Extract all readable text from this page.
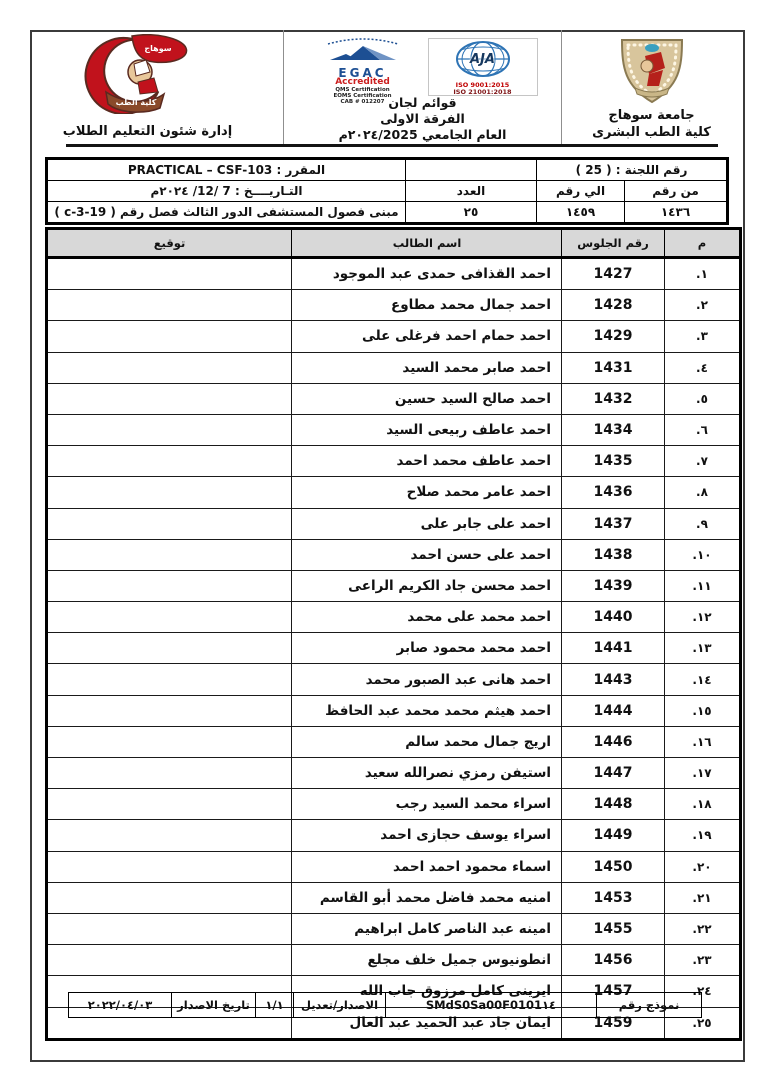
سوهاج
كلية الطب
إدارة شئون التعليم الطلاب
EGAC
Accredited
QMS Certification
EOMS Certification
CAB # 012207
AJA
ISO 9001:2015
ISO 21001:2018
قوائم لجان
الفرقة الاولى
العام الجامعي ٢٠٢٤/2025م
جامعة سوهاج
كلية الطب البشرى
رقم اللجنة : ( 25 )			المقرر : PRACTICAL – CSF-103
من رقم	الي رقم	العدد	التـاريــــخ : 7 /12/ ٢٠٢٤م
١٤٣٦	١٤٥٩	٢٥	مبنى فصول المستشفى الدور الثالث فصل رقم ( ‎c-3-19‎ )
م	رقم الجلوس	اسم الطالب	توقيع
١.	1427	احمد القذافى حمدى عبد الموجود	
٢.	1428	احمد جمال محمد مطاوع	
٣.	1429	احمد حمام احمد فرغلى على	
٤.	1431	احمد صابر محمد السيد	
٥.	1432	احمد صالح السيد حسين	
٦.	1434	احمد عاطف ربيعى السيد	
٧.	1435	احمد عاطف محمد احمد	
٨.	1436	احمد عامر محمد صلاح	
٩.	1437	احمد على جابر على	
١٠.	1438	احمد على حسن احمد	
١١.	1439	احمد محسن جاد الكريم الراعى	
١٢.	1440	احمد محمد على محمد	
١٣.	1441	احمد محمد محمود صابر	
١٤.	1443	احمد هانى عبد الصبور محمد	
١٥.	1444	احمد هيثم محمد محمد عبد الحافظ	
١٦.	1446	اريج جمال محمد سالم	
١٧.	1447	استيفن رمزي نصرالله سعيد	
١٨.	1448	اسراء محمد السيد رجب	
١٩.	1449	اسراء يوسف حجازى احمد	
٢٠.	1450	اسماء محمود احمد احمد	
٢١.	1453	امنيه محمد فاضل محمد أبو القاسم	
٢٢.	1455	امينه عبد الناصر كامل ابراهيم	
٢٣.	1456	انطونيوس جميل خلف مجلع	
٢٤.	1457	ايرينى كامل مرزوق جاب الله	
٢٥.	1459	ايمان جاد عبد الحميد عبد العال	
نموذج رقم	SMdS0Sa00F0101١٤	الاصدار/تعديل	١/١	تاريخ الاصدار	٢٠٢٢/٠٤/٠٣
